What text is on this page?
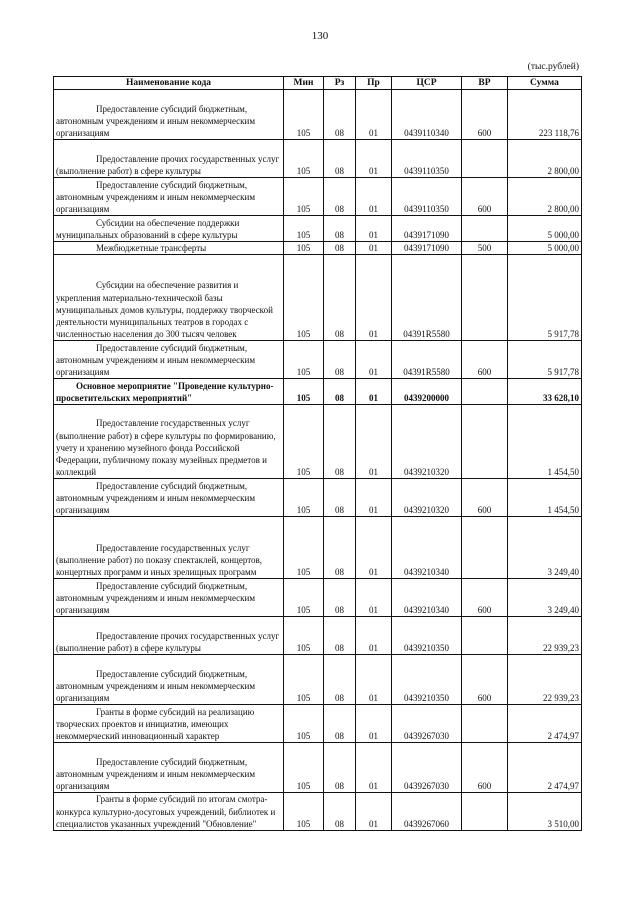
130
(тыс.рублей)
Наименование кода	Мин	Рз	Пр	ЦСР	ВР	Сумма
Предоставление субсидий бюджетным, автономным учреждениям и иным некоммерческим организациям	105	08	01	0439110340	600	223 118,76
Предоставление прочих государственных услуг (выполнение работ) в сфере культуры	105	08	01	0439110350		2 800,00
Предоставление субсидий бюджетным, автономным учреждениям и иным некоммерческим организациям	105	08	01	0439110350	600	2 800,00
Субсидии на обеспечение поддержки муниципальных образований в сфере культуры	105	08	01	0439171090		5 000,00
Межбюджетные трансферты	105	08	01	0439171090	500	5 000,00
Субсидии на обеспечение развития и укрепления материально-технической базы муниципальных домов культуры, поддержку творческой деятельности муниципальных театров в городах с численностью населения до 300 тысяч человек	105	08	01	04391R5580		5 917,78
Предоставление субсидий бюджетным, автономным учреждениям и иным некоммерческим организациям	105	08	01	04391R5580	600	5 917,78
Основное мероприятие "Проведение культурно-просветительских мероприятий"	105	08	01	0439200000		33 628,10
Предоставление государственных услуг (выполнение работ) в сфере культуры по формированию, учету и хранению музейного фонда Российской Федерации, публичному показу музейных предметов и коллекций	105	08	01	0439210320		1 454,50
Предоставление субсидий бюджетным, автономным учреждениям и иным некоммерческим организациям	105	08	01	0439210320	600	1 454,50
Предоставление государственных услуг (выполнение работ) по показу спектаклей, концертов, концертных программ и иных зрелищных программ	105	08	01	0439210340		3 249,40
Предоставление субсидий бюджетным, автономным учреждениям и иным некоммерческим организациям	105	08	01	0439210340	600	3 249,40
Предоставление прочих государственных услуг (выполнение работ) в сфере культуры	105	08	01	0439210350		22 939,23
Предоставление субсидий бюджетным, автономным учреждениям и иным некоммерческим организациям	105	08	01	0439210350	600	22 939,23
Гранты в форме субсидий на реализацию творческих проектов и инициатив, имеющих некоммерческий инновационный характер	105	08	01	0439267030		2 474,97
Предоставление субсидий бюджетным, автономным учреждениям и иным некоммерческим организациям	105	08	01	0439267030	600	2 474,97
Гранты в форме субсидий по итогам смотра-конкурса культурно-досуговых учреждений, библиотек и специалистов указанных учреждений "Обновление"	105	08	01	0439267060		3 510,00
